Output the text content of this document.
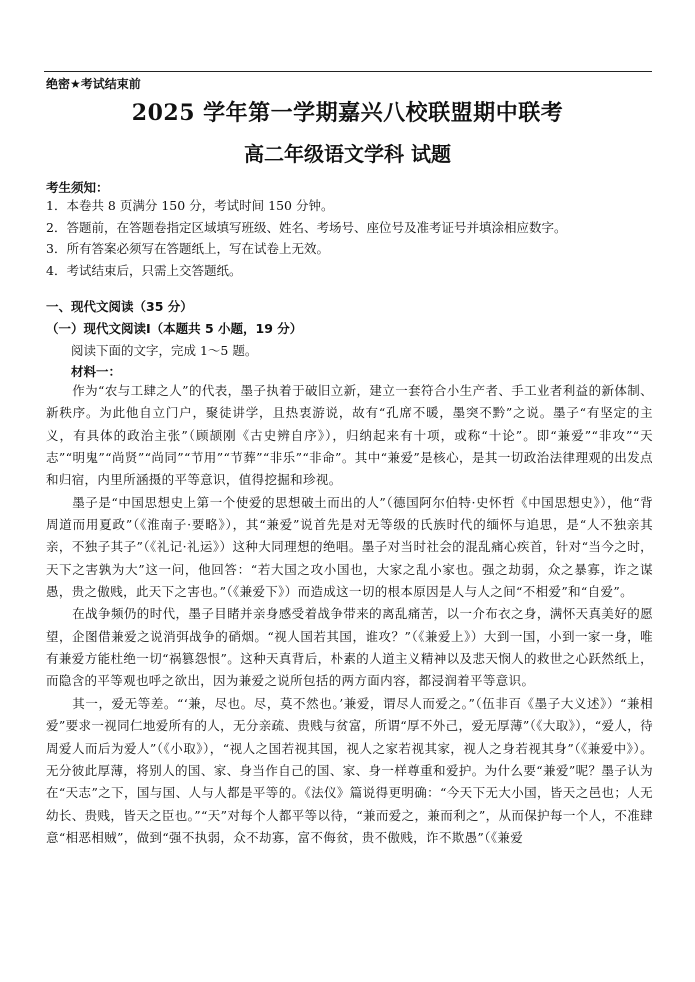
绝密★考试结束前
2025 学年第一学期嘉兴八校联盟期中联考
高二年级语文学科 试题
考生须知：
1．本卷共 8 页满分 150 分，考试时间 150 分钟。
2．答题前，在答题卷指定区域填写班级、姓名、考场号、座位号及准考证号并填涂相应数字。
3．所有答案必须写在答题纸上，写在试卷上无效。
4．考试结束后，只需上交答题纸。
一、现代文阅读（35 分）
（一）现代文阅读Ⅰ（本题共 5 小题，19 分）
阅读下面的文字，完成 1～5 题。
材料一：

作为“农与工肆之人”的代表，墨子执着于破旧立新，建立一套符合小生产者、手工业者利益的新体制、新秩序。为此他自立门户，聚徒讲学，且热衷游说，故有“孔席不暖，墨突不黔”之说。墨子“有坚定的主义，有具体的政治主张”（顾颉刚《古史辨自序》），归纳起来有十项，或称“十论”。即“兼爱”“非攻”“天志”“明鬼”“尚贤”“尚同”“节用”“节葬”“非乐”“非命”。其中“兼爱”是核心，是其一切政治法律理观的出发点和归宿，内里所涵摄的平等意识，值得挖掘和珍视。

墨子是“中国思想史上第一个使爱的思想破土而出的人”（德国阿尔伯特·史怀哲《中国思想史》），他“背周道而用夏政”（《淮南子·要略》），其“兼爱”说首先是对无等级的氏族时代的缅怀与追思，是“人不独亲其亲，不独子其子”（《礼记·礼运》）这种大同理想的绝唱。墨子对当时社会的混乱痛心疾首，针对“当今之时，天下之害孰为大”这一问，他回答：“若大国之攻小国也，大家之乱小家也。强之劫弱，众之暴寡，诈之谋愚，贵之傲贱，此天下之害也。”（《兼爱下》）而造成这一切的根本原因是人与人之间“不相爱”和“自爱”。

在战争频仍的时代，墨子目睹并亲身感受着战争带来的离乱痛苦，以一介布衣之身，满怀天真美好的愿望，企图借兼爱之说消弭战争的硝烟。“视人国若其国，谁攻？”（《兼爱上》）大到一国，小到一家一身，唯有兼爱方能杜绝一切“祸篡怨恨”。这种天真背后，朴素的人道主义精神以及悲天悯人的救世之心跃然纸上，而隐含的平等观也呼之欲出，因为兼爱之说所包括的两方面内容，都浸润着平等意识。

其一，爱无等差。“‘兼，尽也。尽，莫不然也。’兼爱，谓尽人而爱之。”（伍非百《墨子大义述》）“兼相爱”要求一视同仁地爱所有的人，无分亲疏、贵贱与贫富，所谓“厚不外己，爱无厚薄”（《大取》），“爱人，待周爱人而后为爱人”（《小取》），“视人之国若视其国，视人之家若视其家，视人之身若视其身”（《兼爱中》）。无分彼此厚薄，将别人的国、家、身当作自己的国、家、身一样尊重和爱护。为什么要“兼爱”呢？墨子认为在“天志”之下，国与国、人与人都是平等的。《法仪》篇说得更明确：“今天下无大小国，皆天之邑也；人无幼长、贵贱，皆天之臣也。”“天”对每个人都平等以待，“兼而爱之，兼而利之”，从而保护每一个人，不准肆意“相恶相贼”，做到“强不执弱，众不劫寡，富不侮贫，贵不傲贱，诈不欺愚”（《兼爱
